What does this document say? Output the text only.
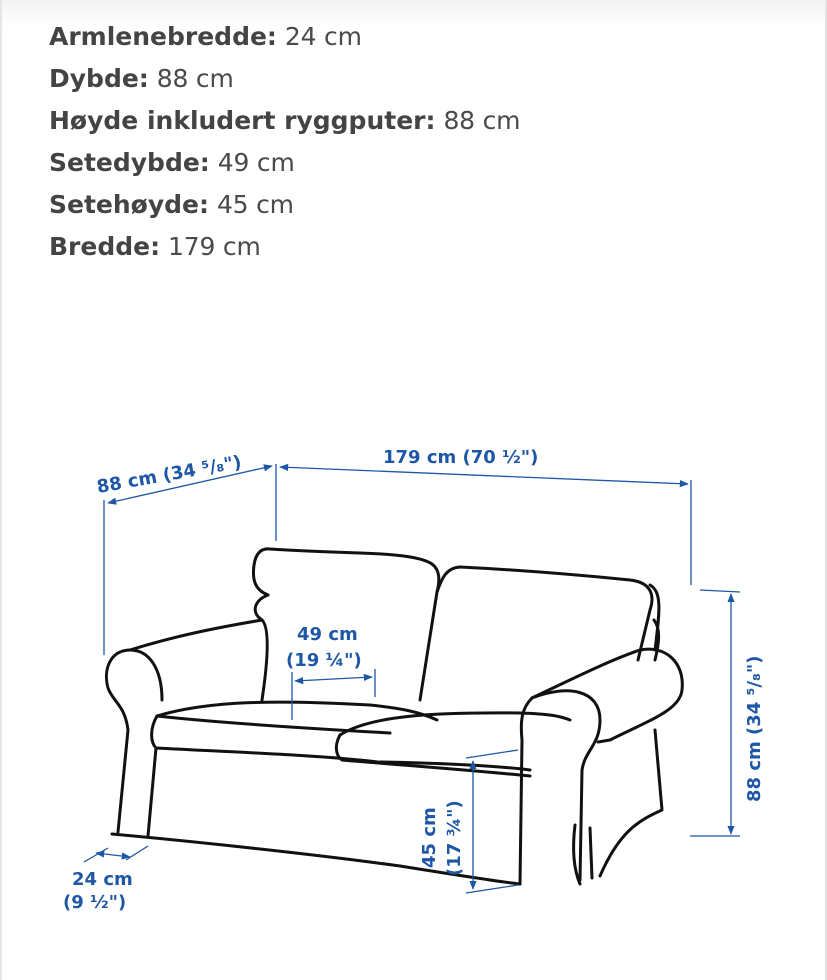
Armlenebredde: 24 cm
Dybde: 88 cm
Høyde inkludert ryggputer: 88 cm
Setedybde: 49 cm
Setehøyde: 45 cm
Bredde: 179 cm
88 cm (34 ⁵/₈")	179 cm (70 ½")
88 cm (34 ⁵/₈")
49 cm
(19 ¼")
45 cm (17 ¾")
24 cm
(9 ½")
